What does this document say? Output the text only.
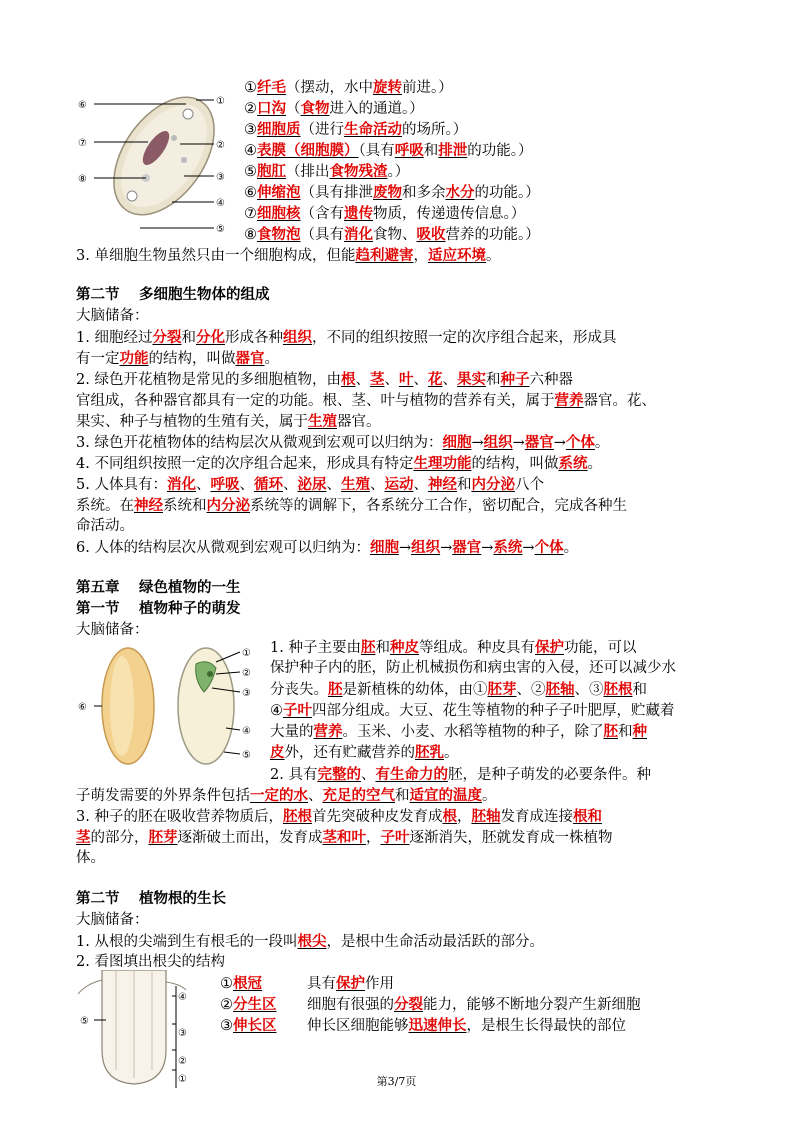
⑥
⑦
⑧
①
②
③
④
⑤
①纤毛（摆动，水中旋转前进。）
②口沟（食物进入的通道。）
③细胞质（进行生命活动的场所。）
④表膜（细胞膜）（具有呼吸和排泄的功能。）
⑤胞肛（排出食物残渣。）
⑥伸缩泡（具有排泄废物和多余水分的功能。）
⑦细胞核（含有遗传物质，传递遗传信息。）
⑧食物泡（具有消化食物、吸收营养的功能。）
3. 单细胞生物虽然只由一个细胞构成，但能趋利避害，适应环境。
第二节　 多细胞生物体的组成
大脑储备：
1. 细胞经过分裂和分化形成各种组织，不同的组织按照一定的次序组合起来，形成具
有一定功能的结构，叫做器官。
2. 绿色开花植物是常见的多细胞植物，由根、茎、叶、花、果实和种子六种器
官组成，各种器官都具有一定的功能。根、茎、叶与植物的营养有关，属于营养器官。花、
果实、种子与植物的生殖有关，属于生殖器官。
3. 绿色开花植物体的结构层次从微观到宏观可以归纳为：细胞→组织→器官→个体。
4. 不同组织按照一定的次序组合起来，形成具有特定生理功能的结构，叫做系统。
5. 人体具有：消化、呼吸、循环、泌尿、生殖、运动、神经和内分泌八个
系统。在神经系统和内分泌系统等的调解下，各系统分工合作，密切配合，完成各种生
命活动。
6. 人体的结构层次从微观到宏观可以归纳为：细胞→组织→器官→系统→个体。
第五章　 绿色植物的一生
第一节　 植物种子的萌发
大脑储备：
①
②
③
④
⑤
⑥
1. 种子主要由胚和种皮等组成。种皮具有保护功能，可以
保护种子内的胚，防止机械损伤和病虫害的入侵，还可以减少水
分丧失。胚是新植株的幼体，由①胚芽、②胚轴、③胚根和
④子叶四部分组成。大豆、花生等植物的种子子叶肥厚，贮藏着
大量的营养。玉米、小麦、水稻等植物的种子，除了胚和种
皮外，还有贮藏营养的胚乳。
2. 具有完整的、有生命力的胚，是种子萌发的必要条件。种
子萌发需要的外界条件包括一定的水、充足的空气和适宜的温度。
3. 种子的胚在吸收营养物质后，胚根首先突破种皮发育成根，胚轴发育成连接根和
茎的部分，胚芽逐渐破土而出，发育成茎和叶，子叶逐渐消失，胚就发育成一株植物
体。
第二节　 植物根的生长
大脑储备：
1. 从根的尖端到生有根毛的一段叫根尖，是根中生命活动最活跃的部分。
2. 看图填出根尖的结构
④
⑤
③
②
①
①根冠	具有保护作用
②分生区 细胞有很强的分裂能力，能够不断地分裂产生新细胞
③伸长区 伸长区细胞能够迅速伸长，是根生长得最快的部位
第3/7页
